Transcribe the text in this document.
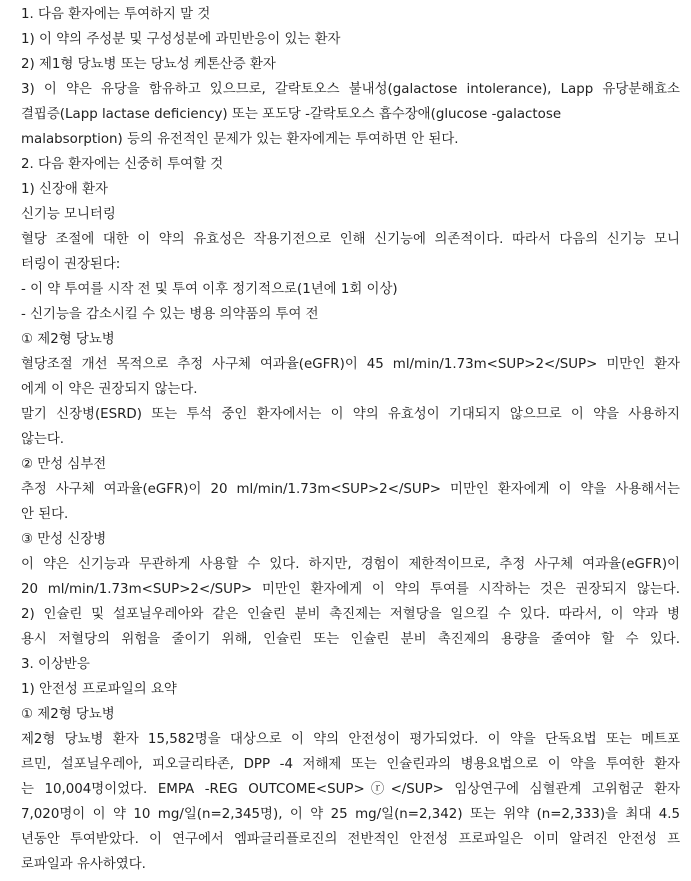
1. 다음 환자에는 투여하지 말 것
1) 이 약의 주성분 및 구성성분에 과민반응이 있는 환자
2) 제1형 당뇨병 또는 당뇨성 케톤산증 환자
3) 이 약은 유당을 함유하고 있으므로, 갈락토오스 불내성(galactose intolerance), Lapp 유당분해효소
결핍증(Lapp lactase deficiency) 또는 포도당 -갈락토오스 흡수장애(glucose -galactose
malabsorption) 등의 유전적인 문제가 있는 환자에게는 투여하면 안 된다.
2. 다음 환자에는 신중히 투여할 것
1) 신장애 환자
신기능 모니터링
혈당 조절에 대한 이 약의 유효성은 작용기전으로 인해 신기능에 의존적이다. 따라서 다음의 신기능 모니
터링이 권장된다:
- 이 약 투여를 시작 전 및 투여 이후 정기적으로(1년에 1회 이상)
- 신기능을 감소시킬 수 있는 병용 의약품의 투여 전
① 제2형 당뇨병
혈당조절 개선 목적으로 추정 사구체 여과율(eGFR)이 45 ml/min/1.73m<SUP>2</SUP> 미만인 환자
에게 이 약은 권장되지 않는다.
말기 신장병(ESRD) 또는 투석 중인 환자에서는 이 약의 유효성이 기대되지 않으므로 이 약을 사용하지
않는다.
② 만성 심부전
추정 사구체 여과율(eGFR)이 20 ml/min/1.73m<SUP>2</SUP> 미만인 환자에게 이 약을 사용해서는
안 된다.
③ 만성 신장병
이 약은 신기능과 무관하게 사용할 수 있다. 하지만, 경험이 제한적이므로, 추정 사구체 여과율(eGFR)이
20 ml/min/1.73m<SUP>2</SUP> 미만인 환자에게 이 약의 투여를 시작하는 것은 권장되지 않는다.
2) 인슐린 및 설포닐우레아와 같은 인슐린 분비 촉진제는 저혈당을 일으킬 수 있다. 따라서, 이 약과 병
용시 저혈당의 위험을 줄이기 위해, 인슐린 또는 인슐린 분비 촉진제의 용량을 줄여야 할 수 있다.
3. 이상반응
1) 안전성 프로파일의 요약
① 제2형 당뇨병
제2형 당뇨병 환자 15,582명을 대상으로 이 약의 안전성이 평가되었다. 이 약을 단독요법 또는 메트포
르민, 설포닐우레아, 피오글리타존, DPP -4 저해제 또는 인슐린과의 병용요법으로 이 약을 투여한 환자
는 10,004명이었다. EMPA -REG OUTCOME<SUP>ⓡ</SUP> 임상연구에 심혈관계 고위험군 환자
7,020명이 이 약 10 mg/일(n=2,345명), 이 약 25 mg/일(n=2,342) 또는 위약 (n=2,333)을 최대 4.5
년동안 투여받았다. 이 연구에서 엠파글리플로진의 전반적인 안전성 프로파일은 이미 알려진 안전성 프
로파일과 유사하였다.
